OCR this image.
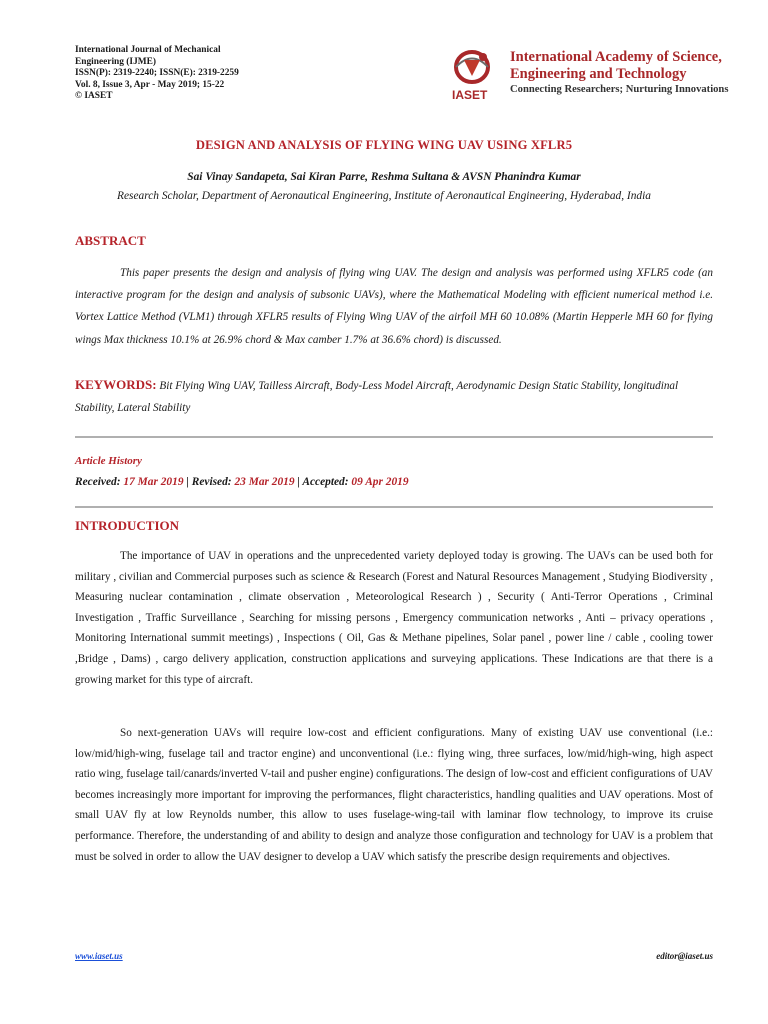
International Journal of Mechanical
Engineering (IJME)
ISSN(P): 2319-2240; ISSN(E): 2319-2259
Vol. 8, Issue 3, Apr - May 2019; 15-22
© IASET	IASET
International Academy of Science,
Engineering and Technology
Connecting Researchers; Nurturing Innovations
DESIGN AND ANALYSIS OF FLYING WING UAV USING XFLR5
Sai Vinay Sandapeta, Sai Kiran Parre, Reshma Sultana & AVSN Phanindra Kumar
Research Scholar, Department of Aeronautical Engineering, Institute of Aeronautical Engineering, Hyderabad, India
ABSTRACT
This paper presents the design and analysis of flying wing UAV. The design and analysis was performed using XFLR5 code (an interactive program for the design and analysis of subsonic UAVs), where the Mathematical Modeling with efficient numerical method i.e. Vortex Lattice Method (VLM1) through XFLR5 results of Flying Wing UAV of the airfoil MH 60 10.08% (Martin Hepperle MH 60 for flying wings Max thickness 10.1% at 26.9% chord & Max camber 1.7% at 36.6% chord) is discussed.
KEYWORDS: Bit Flying Wing UAV, Tailless Aircraft, Body-Less Model Aircraft, Aerodynamic Design Static Stability, longitudinal Stability, Lateral Stability
Article History
Received: 17 Mar 2019 | Revised: 23 Mar 2019 | Accepted: 09 Apr 2019
INTRODUCTION
The importance of UAV in operations and the unprecedented variety deployed today is growing. The UAVs can be used both for military , civilian and Commercial purposes such as science & Research (Forest and Natural Resources Management , Studying Biodiversity , Measuring nuclear contamination , climate observation , Meteorological Research ) , Security ( Anti-Terror Operations , Criminal Investigation , Traffic Surveillance , Searching for missing persons , Emergency communication networks , Anti – privacy operations , Monitoring International summit meetings) , Inspections ( Oil, Gas & Methane pipelines, Solar panel , power line / cable , cooling tower ,Bridge , Dams) , cargo delivery application, construction applications and surveying applications. These Indications are that there is a growing market for this type of aircraft.
So next-generation UAVs will require low-cost and efficient configurations. Many of existing UAV use conventional (i.e.: low/mid/high-wing, fuselage tail and tractor engine) and unconventional (i.e.: flying wing, three surfaces, low/mid/high-wing, high aspect ratio wing, fuselage tail/canards/inverted V-tail and pusher engine) configurations. The design of low-cost and efficient configurations of UAV becomes increasingly more important for improving the performances, flight characteristics, handling qualities and UAV operations. Most of small UAV fly at low Reynolds number, this allow to uses fuselage-wing-tail with laminar flow technology, to improve its cruise performance. Therefore, the understanding of and ability to design and analyze those configuration and technology for UAV is a problem that must be solved in order to allow the UAV designer to develop a UAV which satisfy the prescribe design requirements and objectives.
www.iaset.us	editor@iaset.us
